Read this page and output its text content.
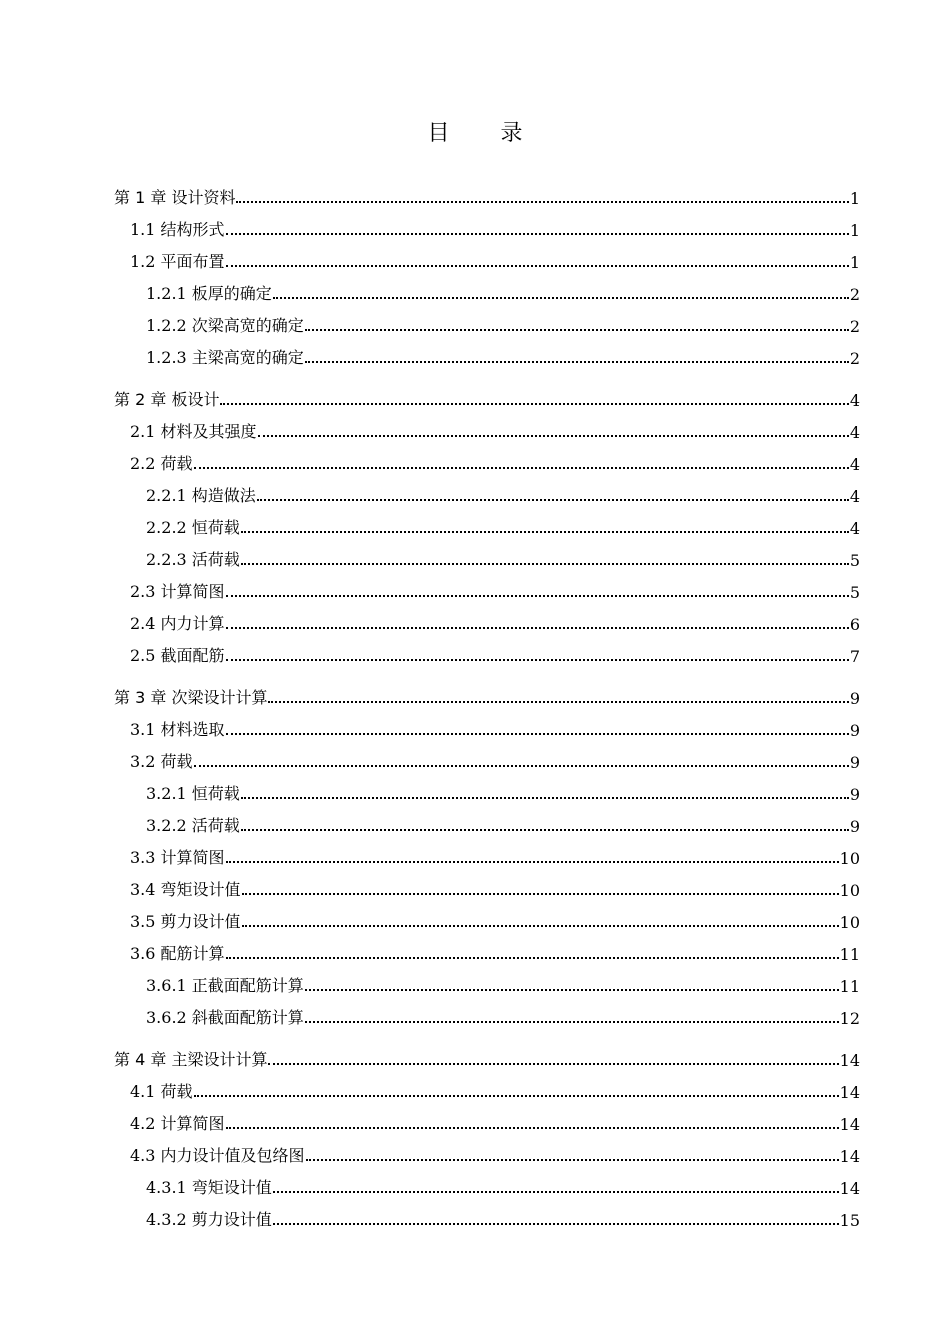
目 录
第 1 章 设计资料	1
1.1 结构形式	1
1.2 平面布置	1
1.2.1 板厚的确定	2
1.2.2 次梁高宽的确定	2
1.2.3 主梁高宽的确定	2
第 2 章 板设计	4
2.1 材料及其强度	4
2.2 荷载	4
2.2.1 构造做法	4
2.2.2 恒荷载	4
2.2.3 活荷载	5
2.3 计算简图	5
2.4 内力计算	6
2.5 截面配筋	7
第 3 章 次梁设计计算	9
3.1 材料选取	9
3.2 荷载	9
3.2.1 恒荷载	9
3.2.2 活荷载	9
3.3 计算简图	10
3.4 弯矩设计值	10
3.5 剪力设计值	10
3.6 配筋计算	11
3.6.1 正截面配筋计算	11
3.6.2 斜截面配筋计算	12
第 4 章 主梁设计计算	14
4.1 荷载	14
4.2 计算简图	14
4.3 内力设计值及包络图	14
4.3.1 弯矩设计值	14
4.3.2 剪力设计值	15
